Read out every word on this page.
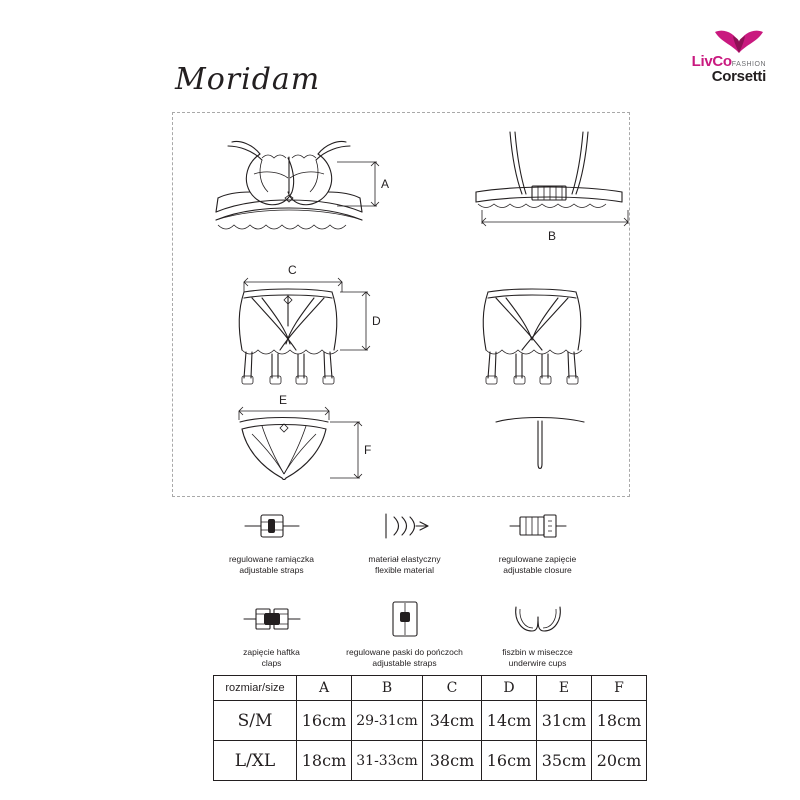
LivCoFASHION
Corsetti
Moridam
A
B
C
D
E
F
regulowane ramiączka
adjustable straps
materiał elastyczny
flexible material
regulowane zapięcie
adjustable closure
zapięcie haftka
claps
regulowane paski do pończoch
adjustable straps
fiszbin w miseczce
underwire cups
rozmiar/size	A	B	C	D	E	F
S/M	16cm	29-31cm	34cm	14cm	31cm	18cm
L/XL	18cm	31-33cm	38cm	16cm	35cm	20cm
